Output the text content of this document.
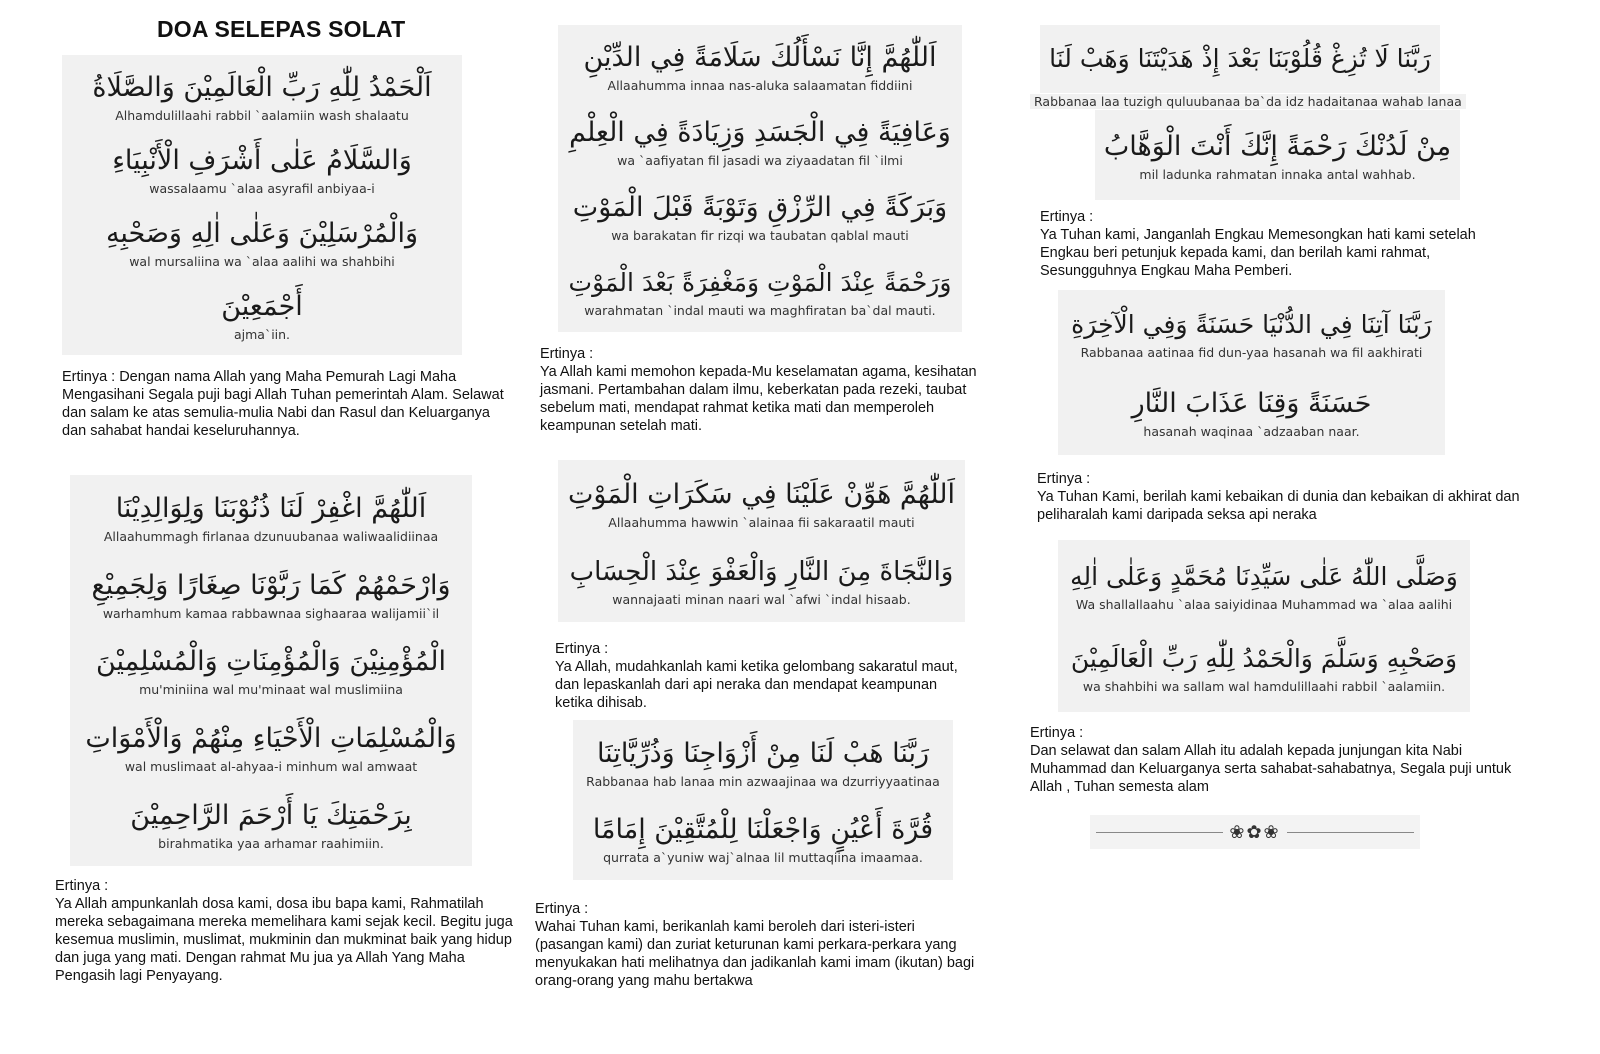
DOA SELEPAS SOLAT
اَلْحَمْدُ لِلّٰهِ رَبِّ الْعَالَمِيْنَ وَالصَّلَاةُ
Alhamdulillaahi rabbil `aalamiin wash shalaatu
وَالسَّلَامُ عَلٰى أَشْرَفِ الْأَنْبِيَاءِ
wassalaamu `alaa asyrafil anbiyaa-i
وَالْمُرْسَلِيْنَ وَعَلٰى اٰلِهِ وَصَحْبِهِ
wal mursaliina wa `alaa aalihi wa shahbihi
أَجْمَعِيْنَ
ajma`iin.
اَللّٰهُمَّ اغْفِرْ لَنَا ذُنُوْبَنَا وَلِوَالِدِيْنَا
Allaahummagh firlanaa dzunuubanaa waliwaalidiinaa
وَارْحَمْهُمْ كَمَا رَبَّوْنَا صِغَارًا وَلِجَمِيْعِ
warhamhum kamaa rabbawnaa sighaaraa walijamii`il
الْمُؤْمِنِيْنَ وَالْمُؤْمِنَاتِ وَالْمُسْلِمِيْنَ
mu'miniina wal mu'minaat wal muslimiina
وَالْمُسْلِمَاتِ الْأَحْيَاءِ مِنْهُمْ وَالْأَمْوَاتِ
wal muslimaat al-ahyaa-i minhum wal amwaat
بِرَحْمَتِكَ يَا أَرْحَمَ الرَّاحِمِيْنَ
birahmatika yaa arhamar raahimiin.
اَللّٰهُمَّ إِنَّا نَسْأَلُكَ سَلَامَةً فِي الدِّيْنِ
Allaahumma innaa nas-aluka salaamatan fiddiini
وَعَافِيَةً فِي الْجَسَدِ وَزِيَادَةً فِي الْعِلْمِ
wa `aafiyatan fil jasadi wa ziyaadatan fil `ilmi
وَبَرَكَةً فِي الرِّزْقِ وَتَوْبَةً قَبْلَ الْمَوْتِ
wa barakatan fir rizqi wa taubatan qablal mauti
وَرَحْمَةً عِنْدَ الْمَوْتِ وَمَغْفِرَةً بَعْدَ الْمَوْتِ
warahmatan `indal mauti wa maghfiratan ba`dal mauti.
اَللّٰهُمَّ هَوِّنْ عَلَيْنَا فِي سَكَرَاتِ الْمَوْتِ
Allaahumma hawwin `alainaa fii sakaraatil mauti
وَالنَّجَاةَ مِنَ النَّارِ وَالْعَفْوَ عِنْدَ الْحِسَابِ
wannajaati minan naari wal `afwi `indal hisaab.
رَبَّنَا هَبْ لَنَا مِنْ أَزْوَاجِنَا وَذُرِّيَّاتِنَا
Rabbanaa hab lanaa min azwaajinaa wa dzurriyyaatinaa
قُرَّةَ أَعْيُنٍ وَاجْعَلْنَا لِلْمُتَّقِيْنَ إِمَامًا
qurrata a`yuniw waj`alnaa lil muttaqiina imaamaa.
رَبَّنَا لَا تُزِغْ قُلُوْبَنَا بَعْدَ إِذْ هَدَيْتَنَا وَهَبْ لَنَا
مِنْ لَدُنْكَ رَحْمَةً إِنَّكَ أَنْتَ الْوَهَّابُ
mil ladunka rahmatan innaka antal wahhab.
رَبَّنَا آتِنَا فِي الدُّنْيَا حَسَنَةً وَفِي الْآخِرَةِ
Rabbanaa aatinaa fid dun-yaa hasanah wa fil aakhirati
حَسَنَةً وَقِنَا عَذَابَ النَّارِ
hasanah waqinaa `adzaaban naar.
وَصَلَّى اللّٰهُ عَلٰى سَيِّدِنَا مُحَمَّدٍ وَعَلٰى اٰلِهِ
Wa shallallaahu `alaa saiyidinaa Muhammad wa `alaa aalihi
وَصَحْبِهِ وَسَلَّمَ وَالْحَمْدُ لِلّٰهِ رَبِّ الْعَالَمِيْنَ
wa shahbihi wa sallam wal hamdulillaahi rabbil `aalamiin.
Rabbanaa laa tuzigh quluubanaa ba`da idz hadaitanaa wahab lanaa
Ertinya : Dengan nama Allah yang Maha Pemurah Lagi Maha Mengasihani Segala puji bagi Allah Tuhan pemerintah Alam. Selawat dan salam ke atas semulia-mulia Nabi dan Rasul dan Keluarganya dan sahabat handai keseluruhannya.
Ertinya :
Ya Allah ampunkanlah dosa kami, dosa ibu bapa kami, Rahmatilah mereka sebagaimana mereka memelihara kami sejak kecil. Begitu juga kesemua muslimin, muslimat, mukminin dan mukminat baik yang hidup dan juga yang mati. Dengan rahmat Mu jua ya Allah Yang Maha Pengasih lagi Penyayang.
Ertinya :
Ya Allah kami memohon kepada-Mu keselamatan agama, kesihatan jasmani. Pertambahan dalam ilmu, keberkatan pada rezeki, taubat sebelum mati, mendapat rahmat ketika mati dan memperoleh keampunan setelah mati.
Ertinya :
Ya Allah, mudahkanlah kami ketika gelombang sakaratul maut, dan lepaskanlah dari api neraka dan mendapat keampunan ketika dihisab.
Ertinya :
Wahai Tuhan kami, berikanlah kami beroleh dari isteri-isteri (pasangan kami) dan zuriat keturunan kami perkara-perkara yang menyukakan hati melihatnya dan jadikanlah kami imam (ikutan) bagi orang-orang yang mahu bertakwa
Ertinya :
Ya Tuhan kami, Janganlah Engkau Memesongkan hati kami setelah Engkau beri petunjuk kepada kami, dan berilah kami rahmat, Sesungguhnya Engkau Maha Pemberi.
Ertinya :
Ya Tuhan Kami, berilah kami kebaikan di dunia dan kebaikan di akhirat dan peliharalah kami daripada seksa api neraka
Ertinya :
Dan selawat dan salam Allah itu adalah kepada junjungan kita Nabi Muhammad dan Keluarganya serta sahabat-sahabatnya, Segala puji untuk Allah , Tuhan semesta alam
❀✿❀
